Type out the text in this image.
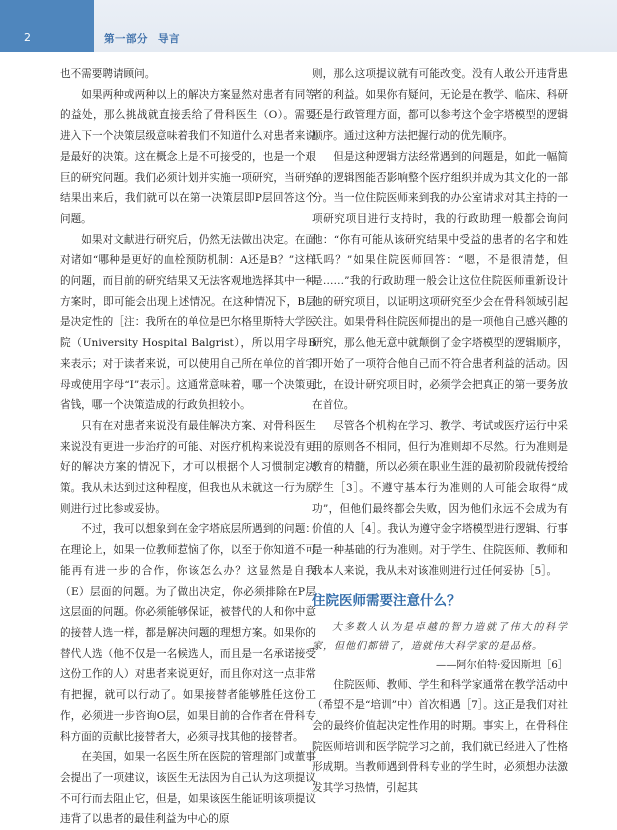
2	第一部分 导言

也不需要聘请顾问。

如果两种或两种以上的解决方案显然对患者有同等的益处，那么挑战就直接丢给了骨科医生（O）。需要进入下一个决策层级意味着我们不知道什么对患者来说是最好的决策。这在概念上是不可接受的，也是一个艰巨的研究问题。我们必须计划并实施一项研究，当研究结果出来后，我们就可以在第一决策层即P层回答这个问题。

如果对文献进行研究后，仍然无法做出决定。在面对诸如“哪种是更好的血栓预防机制：A还是B？”这样的问题，而目前的研究结果又无法客观地选择其中一种方案时，即可能会出现上述情况。在这种情况下，B层是决定性的［注：我所在的单位是巴尔格里斯特大学医院（University Hospital Balgrist），所以用字母B来表示；对于读者来说，可以使用自己所在单位的首字母或使用字母“I”表示］。这通常意味着，哪一个决策更省钱，哪一个决策造成的行政负担较小。

只有在对患者来说没有最佳解决方案、对骨科医生来说没有更进一步治疗的可能、对医疗机构来说没有更好的解决方案的情况下，才可以根据个人习惯制定决策。我从未达到过这种程度，但我也从未就这一行为原则进行过比参或妥协。

不过，我可以想象到在金字塔底层所遇到的问题：在理论上，如果一位教师惹恼了你，以至于你知道不可能再有进一步的合作，你该怎么办？这显然是自我（E）层面的问题。为了做出决定，你必须排除在P层这层面的问题。你必须能够保证，被替代的人和你中意的接替人选一样，都是解决问题的理想方案。如果你的替代人选（他不仅是一名候选人，而且是一名承诺接受这份工作的人）对患者来说更好，而且你对这一点非常有把握，就可以行动了。如果接替者能够胜任这份工作，必须进一步咨询O层，如果目前的合作者在骨科专科方面的贡献比接替者大，必须寻找其他的接替者。

在美国，如果一名医生所在医院的管理部门或董事会提出了一项建议，该医生无法因为自己认为这项提议不可行而去阻止它，但是，如果该医生能证明该项提议违背了以患者的最佳利益为中心的原

则，那么这项提议就有可能改变。没有人敢公开违背患者的利益。如果你有疑问，无论是在教学、临床、科研还是行政管理方面，都可以参考这个金字塔模型的逻辑顺序。通过这种方法把握行动的优先顺序。

但是这种逻辑方法经常遇到的问题是，如此一幅简单的逻辑图能否影响整个医疗组织并成为其文化的一部分。当一位住院医师来到我的办公室请求对其主持的一项研究项目进行支持时，我的行政助理一般都会询问他：“你有可能从该研究结果中受益的患者的名字和姓氏吗？”如果住院医师回答：“嗯，不是很清楚，但是……”我的行政助理一般会让这位住院医师重新设计他的研究项目，以证明这项研究至少会在骨科领域引起关注。如果骨科住院医师提出的是一项他自己感兴趣的研究，那么他无意中就颠倒了金字塔模型的逻辑顺序，即开始了一项符合他自己而不符合患者利益的活动。因此，在设计研究项目时，必须学会把真正的第一要务放在首位。

尽管各个机构在学习、教学、考试或医疗运行中采用的原则各不相同，但行为准则却不尽然。行为准则是教育的精髓，所以必须在职业生涯的最初阶段就传授给学生［3］。不遵守基本行为准则的人可能会取得“成功”，但他们最终都会失败，因为他们永远不会成为有价值的人［4］。我认为遵守金字塔模型进行逻辑、行事是一种基础的行为准则。对于学生、住院医师、教师和我本人来说，我从未对该准则进行过任何妥协［5］。

住院医师需要注意什么？

大多数人认为是卓越的智力造就了伟大的科学家，但他们都错了，造就伟大科学家的是品格。

——阿尔伯特·爱因斯坦［6］

住院医师、教师、学生和科学家通常在教学活动中（希望不是“培训”中）首次相遇［7］。这正是我们对社会的最终价值起决定性作用的时期。事实上，在骨科住院医师培训和医学院学习之前，我们就已经进入了性格形成期。当教师遇到骨科专业的学生时，必须想办法激发其学习热情，引起其
